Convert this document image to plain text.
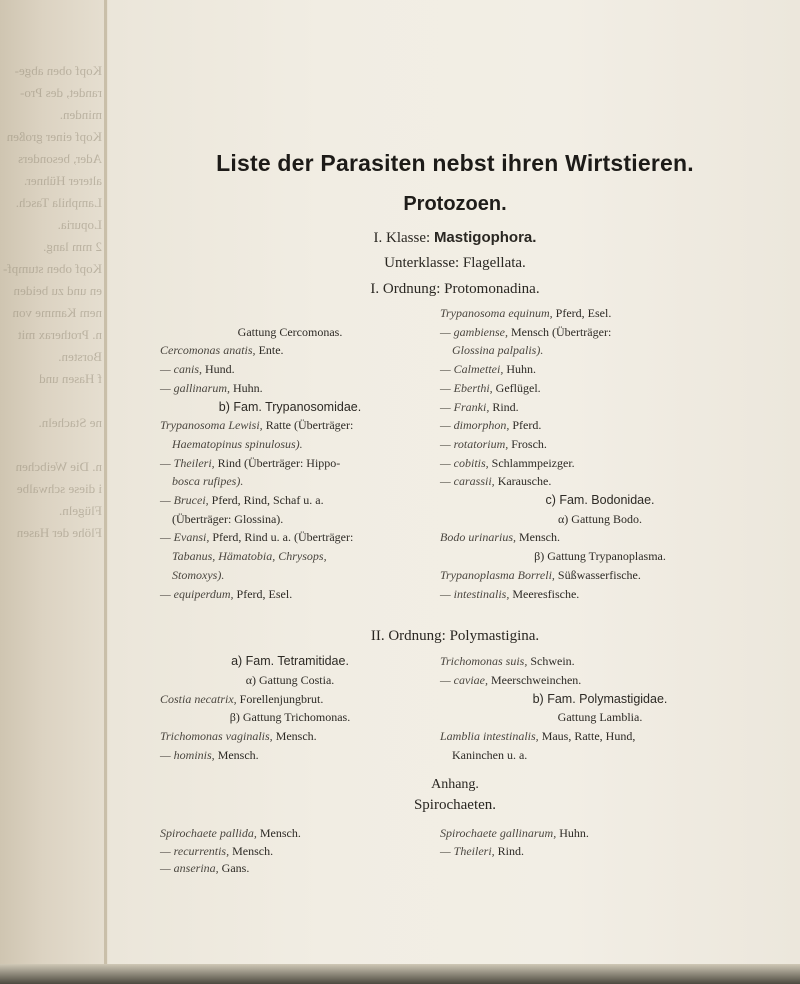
Kopf oben abge-
randet, des Pro-
minden.
Kopf einer großen
Ader, besonders
alterer Hühner.
Lamphila Tasch.
Lopuria.
2 mm lang.
Kopf oben stumpf-
en und zu beiden
nem Kamme von
n. Protherax mit
Borsten.
f Hasen und

ne Stacheln.

n. Die Weibchen
i diese schwalbe
Flügeln.
Flöhe der Hasen
Liste der Parasiten nebst ihren Wirtstieren.
Protozoen.
I. Klasse: Mastigophora.
Unterklasse: Flagellata.
I. Ordnung: Protomonadina.
Gattung Cercomonas.
Cercomonas anatis, Ente.
— canis, Hund.
— gallinarum, Huhn.
b) Fam. Trypanosomidae.
Trypanosoma Lewisi, Ratte (Überträger:
Haematopinus spinulosus).
— Theileri, Rind (Überträger: Hippo-
bosca rufipes).
— Brucei, Pferd, Rind, Schaf u. a.
(Überträger: Glossina).
— Evansi, Pferd, Rind u. a. (Überträger:
Tabanus, Hämatobia, Chrysops,
Stomoxys).
— equiperdum, Pferd, Esel.
Trypanosoma equinum, Pferd, Esel.
— gambiense, Mensch (Überträger:
Glossina palpalis).
— Calmettei, Huhn.
— Eberthi, Geflügel.
— Franki, Rind.
— dimorphon, Pferd.
— rotatorium, Frosch.
— cobitis, Schlammpeizger.
— carassii, Karausche.
c) Fam. Bodonidae.
α) Gattung Bodo.
Bodo urinarius, Mensch.
β) Gattung Trypanoplasma.
Trypanoplasma Borreli, Süßwasserfische.
— intestinalis, Meeresfische.
II. Ordnung: Polymastigina.
a) Fam. Tetramitidae.
α) Gattung Costia.
Costia necatrix, Forellenjungbrut.
β) Gattung Trichomonas.
Trichomonas vaginalis, Mensch.
— hominis, Mensch.
Trichomonas suis, Schwein.
— caviae, Meerschweinchen.
b) Fam. Polymastigidae.
Gattung Lamblia.
Lamblia intestinalis, Maus, Ratte, Hund,
Kaninchen u. a.
Anhang.
Spirochaeten.
Spirochaete pallida, Mensch.
— recurrentis, Mensch.
— anserina, Gans.
Spirochaete gallinarum, Huhn.
— Theileri, Rind.
